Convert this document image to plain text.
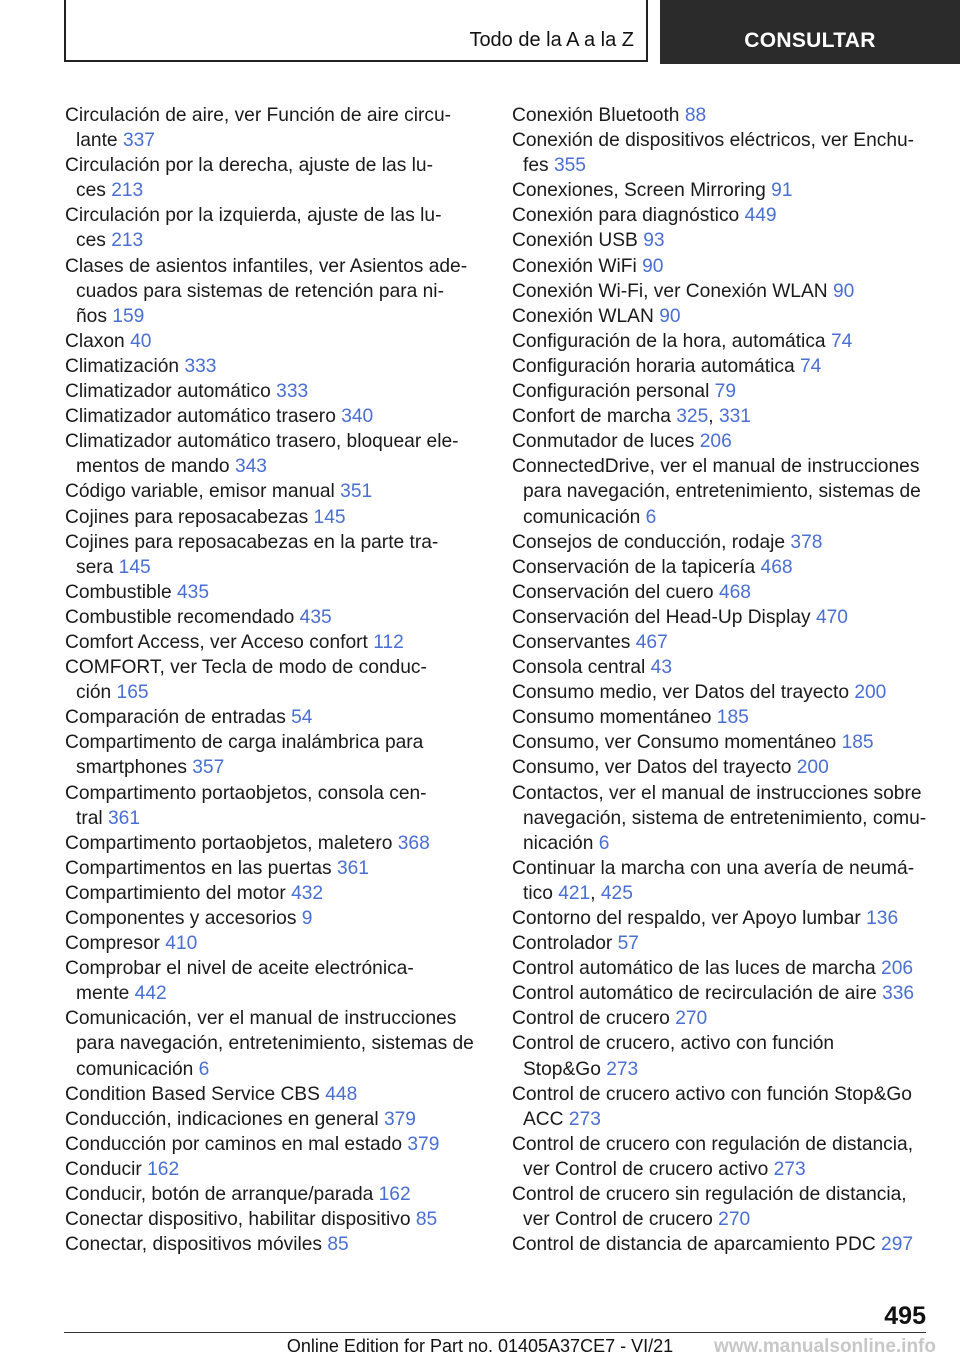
Todo de la A a la Z	CONSULTAR
Circulación de aire, ver Función de aire circu-
lante 337
Circulación por la derecha, ajuste de las lu-
ces 213
Circulación por la izquierda, ajuste de las lu-
ces 213
Clases de asientos infantiles, ver Asientos ade-
cuados para sistemas de retención para ni-
ños 159
Claxon 40
Climatización 333
Climatizador automático 333
Climatizador automático trasero 340
Climatizador automático trasero, bloquear ele-
mentos de mando 343
Código variable, emisor manual 351
Cojines para reposacabezas 145
Cojines para reposacabezas en la parte tra-
sera 145
Combustible 435
Combustible recomendado 435
Comfort Access, ver Acceso confort 112
COMFORT, ver Tecla de modo de conduc-
ción 165
Comparación de entradas 54
Compartimento de carga inalámbrica para
smartphones 357
Compartimento portaobjetos, consola cen-
tral 361
Compartimento portaobjetos, maletero 368
Compartimentos en las puertas 361
Compartimiento del motor 432
Componentes y accesorios 9
Compresor 410
Comprobar el nivel de aceite electrónica-
mente 442
Comunicación, ver el manual de instrucciones
para navegación, entretenimiento, sistemas de
comunicación 6
Condition Based Service CBS 448
Conducción, indicaciones en general 379
Conducción por caminos en mal estado 379
Conducir 162
Conducir, botón de arranque/parada 162
Conectar dispositivo, habilitar dispositivo 85
Conectar, dispositivos móviles 85
Conexión Bluetooth 88
Conexión de dispositivos eléctricos, ver Enchu-
fes 355
Conexiones, Screen Mirroring 91
Conexión para diagnóstico 449
Conexión USB 93
Conexión WiFi 90
Conexión Wi-Fi, ver Conexión WLAN 90
Conexión WLAN 90
Configuración de la hora, automática 74
Configuración horaria automática 74
Configuración personal 79
Confort de marcha 325, 331
Conmutador de luces 206
ConnectedDrive, ver el manual de instrucciones
para navegación, entretenimiento, sistemas de
comunicación 6
Consejos de conducción, rodaje 378
Conservación de la tapicería 468
Conservación del cuero 468
Conservación del Head-Up Display 470
Conservantes 467
Consola central 43
Consumo medio, ver Datos del trayecto 200
Consumo momentáneo 185
Consumo, ver Consumo momentáneo 185
Consumo, ver Datos del trayecto 200
Contactos, ver el manual de instrucciones sobre
navegación, sistema de entretenimiento, comu-
nicación 6
Continuar la marcha con una avería de neumá-
tico 421, 425
Contorno del respaldo, ver Apoyo lumbar 136
Controlador 57
Control automático de las luces de marcha 206
Control automático de recirculación de aire 336
Control de crucero 270
Control de crucero, activo con función
Stop&Go 273
Control de crucero activo con función Stop&Go
ACC 273
Control de crucero con regulación de distancia,
ver Control de crucero activo 273
Control de crucero sin regulación de distancia,
ver Control de crucero 270
Control de distancia de aparcamiento PDC 297
495
Online Edition for Part no. 01405A37CE7 - VI/21	www.manualsonline.info
